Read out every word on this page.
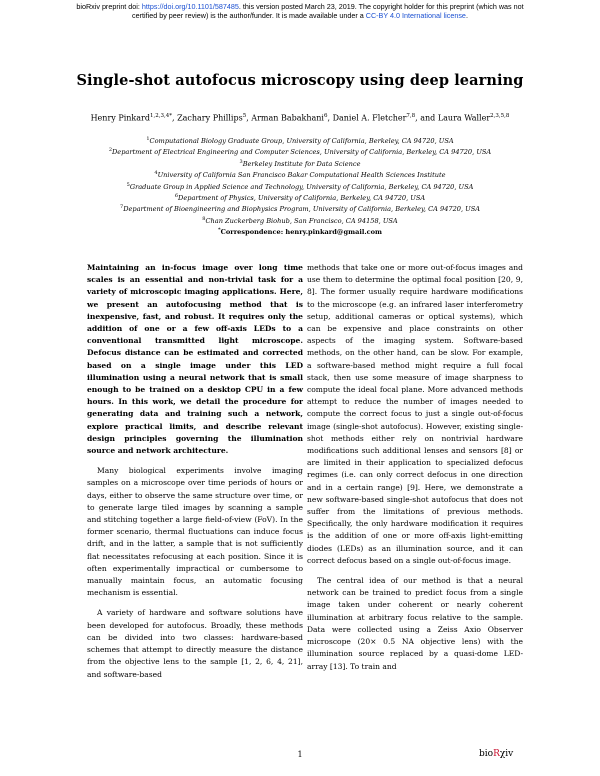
bioRxiv preprint doi: https://doi.org/10.1101/587485. this version posted March 23, 2019. The copyright holder for this preprint (which was not
certified by peer review) is the author/funder. It is made available under a CC-BY 4.0 International license.
Single-shot autofocus microscopy using deep learning
Henry Pinkard$^{1,2,3,4*}$, Zachary Phillips$^5$, Arman Babakhani$^6$, Daniel A. Fletcher$^{7,8}$, and Laura Waller$^{2,3,5,8}$
$^1$Computational Biology Graduate Group, University of California, Berkeley, CA 94720, USA
$^2$Department of Electrical Engineering and Computer Sciences, University of California, Berkeley, CA 94720, USA
$^3$Berkeley Institute for Data Science
$^4$University of California San Francisco Bakar Computational Health Sciences Institute
$^5$Graduate Group in Applied Science and Technology, University of California, Berkeley, CA 94720, USA
$^6$Department of Physics, University of California, Berkeley, CA 94720, USA
$^7$Department of Bioengineering and Biophysics Program, University of California, Berkeley, CA 94720, USA
$^8$Chan Zuckerberg Biohub, San Francisco, CA 94158, USA
*Correspondence: henry.pinkard@gmail.com

Maintaining an in-focus image over long time scales is an essential and non-trivial task for a variety of microscopic imaging applications. Here, we present an autofocusing method that is inexpensive, fast, and robust. It requires only the addition of one or a few off-axis LEDs to a conventional transmitted light microscope. Defocus distance can be estimated and corrected based on a single image under this LED illumination using a neural network that is small enough to be trained on a desktop CPU in a few hours. In this work, we detail the procedure for generating data and training such a network, explore practical limits, and describe relevant design principles governing the illumination source and network architecture.

Many biological experiments involve imaging samples on a microscope over time periods of hours or days, either to observe the same structure over time, or to generate large tiled images by scanning a sample and stitching together a large field-of-view (FoV). In the former scenario, thermal fluctuations can induce focus drift, and in the latter, a sample that is not sufficiently flat necessitates refocusing at each position. Since it is often experimentally impractical or cumbersome to manually maintain focus, an automatic focusing mechanism is essential.

A variety of hardware and software solutions have been developed for autofocus. Broadly, these methods can be divided into two classes: hardware-based schemes that attempt to directly measure the distance from the objective lens to the sample [1, 2, 6, 4, 21], and software-based

methods that take one or more out-of-focus images and use them to determine the optimal focal position [20, 9, 8]. The former usually require hardware modifications to the microscope (e.g. an infrared laser interferometry setup, additional cameras or optical systems), which can be expensive and place constraints on other aspects of the imaging system. Software-based methods, on the other hand, can be slow. For example, a software-based method might require a full focal stack, then use some measure of image sharpness to compute the ideal focal plane. More advanced methods attempt to reduce the number of images needed to compute the correct focus to just a single out-of-focus image (single-shot autofocus). However, existing single-shot methods either rely on nontrivial hardware modifications such additional lenses and sensors [8] or are limited in their application to specialized defocus regimes (i.e. can only correct defocus in one direction and in a certain range) [9]. Here, we demonstrate a new software-based single-shot autofocus that does not suffer from the limitations of previous methods. Specifically, the only hardware modification it requires is the addition of one or more off-axis light-emitting diodes (LEDs) as an illumination source, and it can correct defocus based on a single out-of-focus image.

The central idea of our method is that a neural network can be trained to predict focus from a single image taken under coherent or nearly coherent illumination at arbitrary focus relative to the sample. Data were collected using a Zeiss Axio Observer microscope (20× 0.5 NA objective lens) with the illumination source replaced by a quasi-dome LED-array [13]. To train and

1	bioRχiv
